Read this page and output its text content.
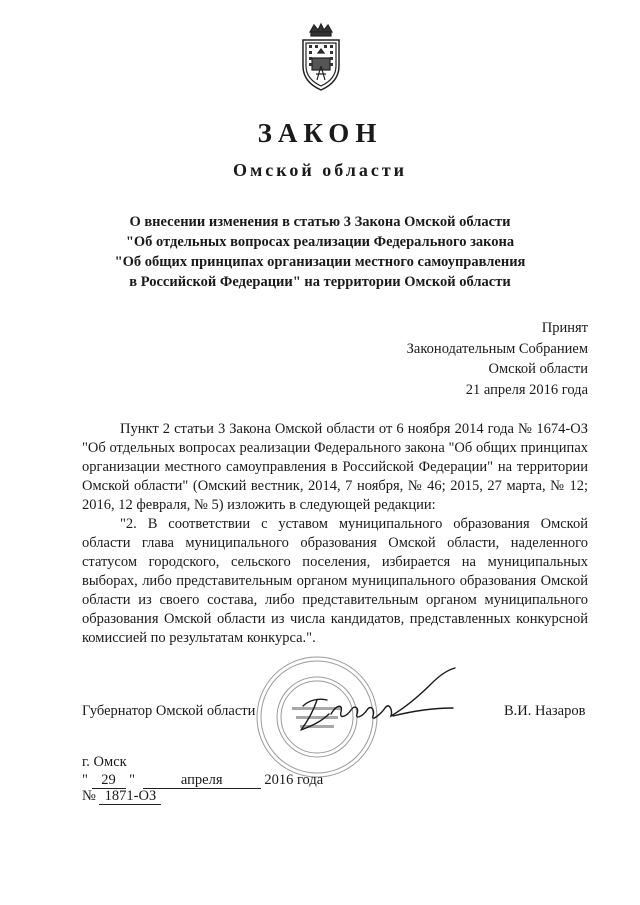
ЗАКОН
Омской области
О внесении изменения в статью 3 Закона Омской области
"Об отдельных вопросах реализации Федерального закона
"Об общих принципах организации местного самоуправления
в Российской Федерации" на территории Омской области
Принят
Законодательным Собранием
Омской области
21 апреля 2016 года

Пункт 2 статьи 3 Закона Омской области от 6 ноября 2014 года № 1674-ОЗ "Об отдельных вопросах реализации Федерального закона "Об общих принципах организации местного самоуправления в Российской Федерации" на территории Омской области" (Омский вестник, 2014, 7 ноября, № 46; 2015, 27 марта, № 12; 2016, 12 февраля, № 5) изложить в следующей редакции:

"2. В соответствии с уставом муниципального образования Омской области глава муниципального образования Омской области, наделенного статусом городского, сельского поселения, избирается на муниципальных выборах, либо представительным органом муниципального образования Омской области из своего состава, либо представительным органом муниципального образования Омской области из числа кандидатов, представленных конкурсной комиссией по результатам конкурса.".

Губернатор Омской области	В.И. Назаров
г. Омск
" 29 "	апреля	2016 года
№ 1871-ОЗ
